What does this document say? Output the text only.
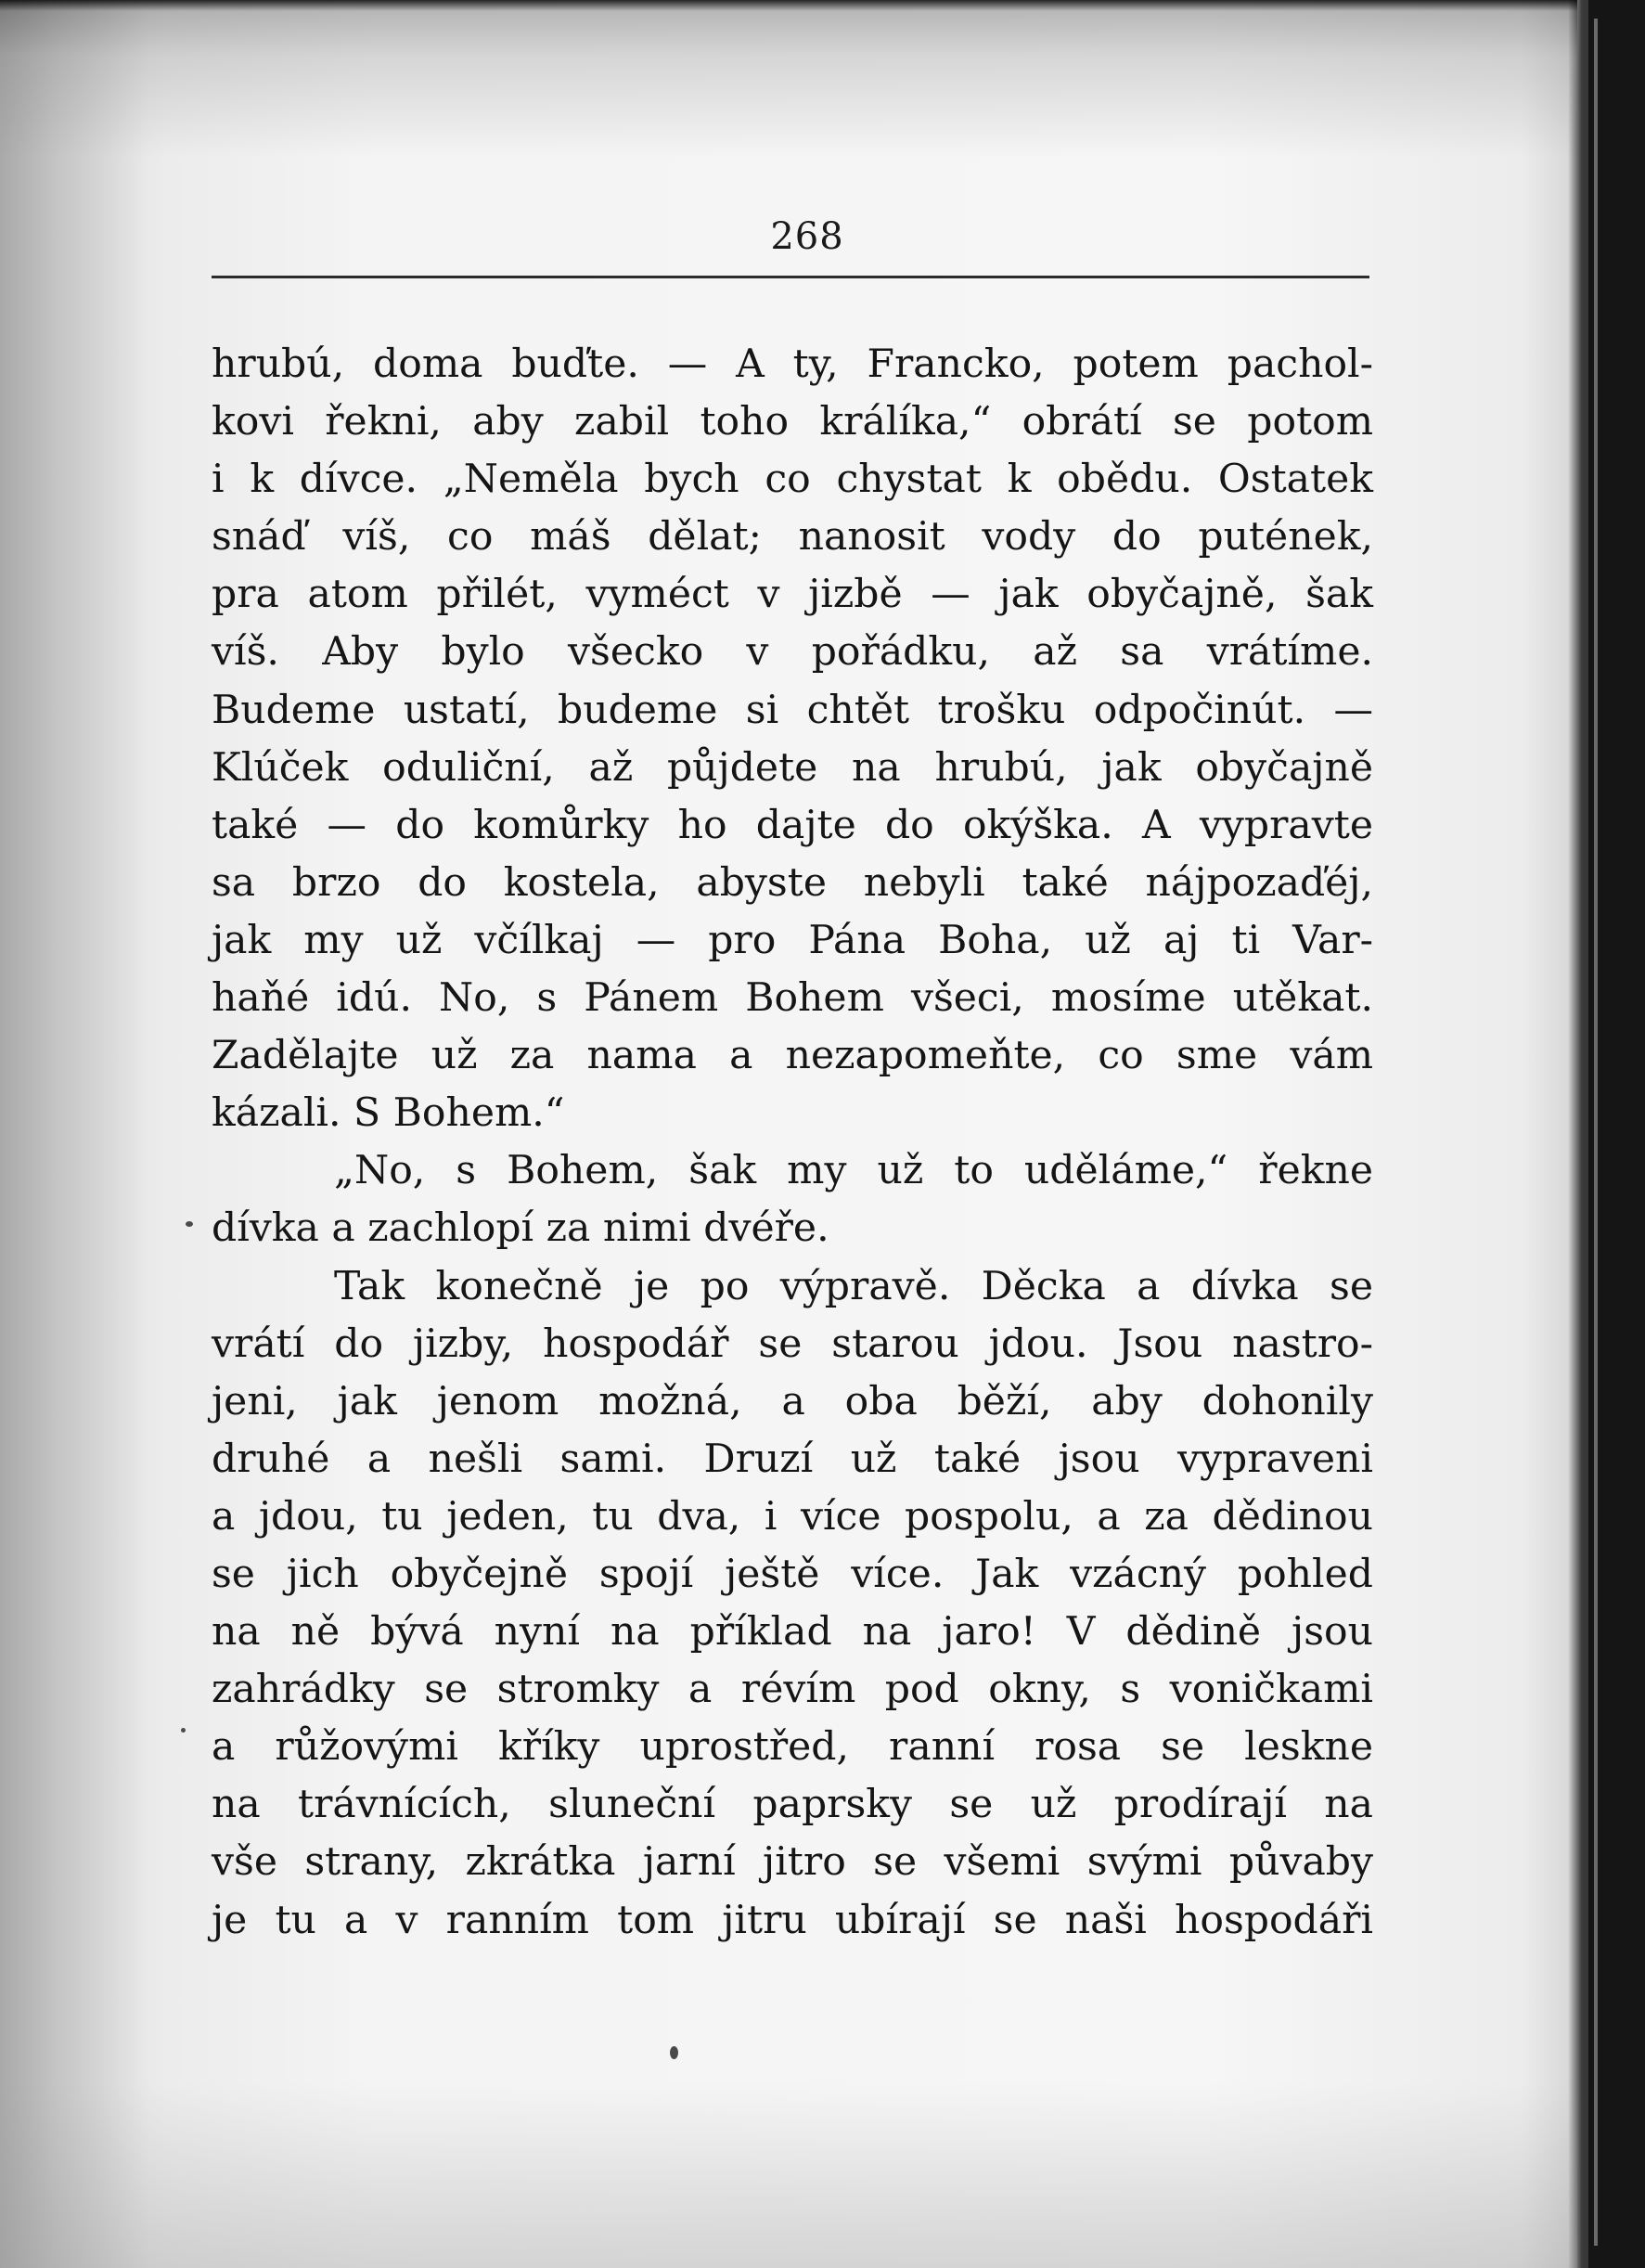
268
hrubú, doma buďte. — A ty, Francko, potem pachol-
kovi řekni, aby zabil toho králíka,“ obrátí se potom
i k dívce. „Neměla bych co chystat k obědu. Ostatek
snáď víš, co máš dělat; nanosit vody do putének,
pra atom přilét, vyméct v jizbě — jak obyčajně, šak
víš. Aby bylo všecko v pořádku, až sa vrátíme.
Budeme ustatí, budeme si chtět trošku odpočinút. —
Klúček oduliční, až půjdete na hrubú, jak obyčajně
také — do komůrky ho dajte do okýška. A vypravte
sa brzo do kostela, abyste nebyli také nájpozaďéj,
jak my už včílkaj — pro Pána Boha, už aj ti Var-
haňé idú. No, s Pánem Bohem všeci, mosíme utěkat.
Zadělajte už za nama a nezapomeňte, co sme vám
kázali. S Bohem.“
„No, s Bohem, šak my už to uděláme,“ řekne
dívka a zachlopí za nimi dvéře.
Tak konečně je po výpravě. Děcka a dívka se
vrátí do jizby, hospodář se starou jdou. Jsou nastro-
jeni, jak jenom možná, a oba běží, aby dohonily
druhé a nešli sami. Druzí už také jsou vypraveni
a jdou, tu jeden, tu dva, i více pospolu, a za dědinou
se jich obyčejně spojí ještě více. Jak vzácný pohled
na ně bývá nyní na příklad na jaro! V dědině jsou
zahrádky se stromky a révím pod okny, s voničkami
a růžovými kříky uprostřed, ranní rosa se leskne
na trávnících, sluneční paprsky se už prodírají na
vše strany, zkrátka jarní jitro se všemi svými půvaby
je tu a v ranním tom jitru ubírají se naši hospodáři
